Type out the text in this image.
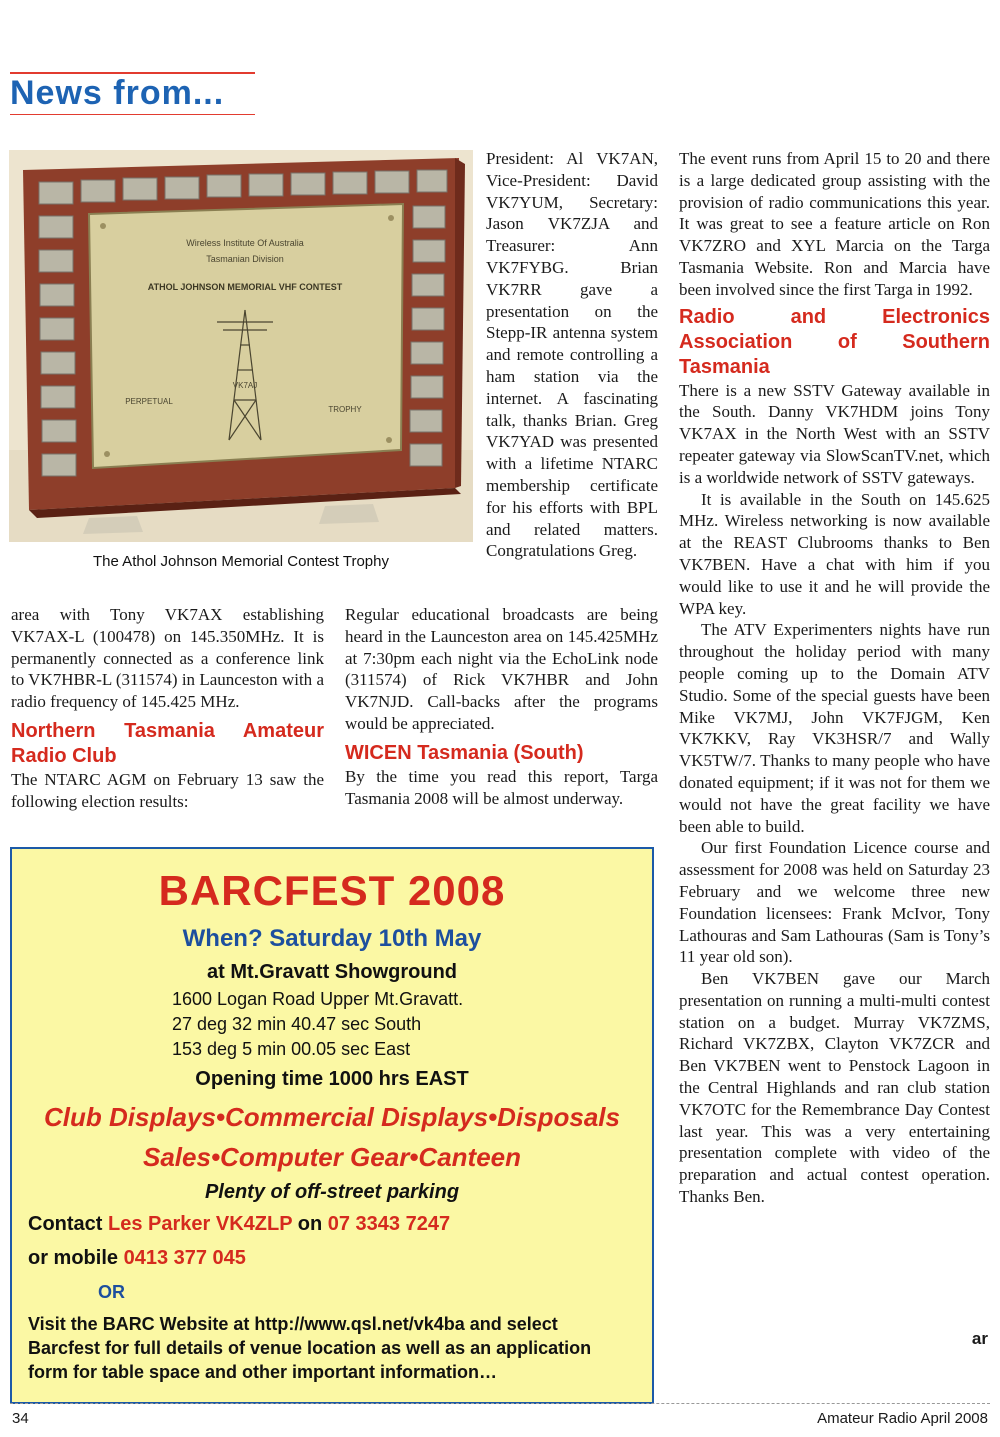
News from...
Wireless Institute Of Australia
Tasmanian Division
ATHOL JOHNSON MEMORIAL VHF CONTEST
VK7AJ
PERPETUAL
TROPHY
The Athol Johnson Memorial Contest Trophy

President: Al VK7AN, Vice-President: David VK7YUM, Secretary: Jason VK7ZJA and Treasurer: Ann VK7FYBG. Brian VK7RR gave a presentation on the Stepp-IR antenna system and remote controlling a ham station via the internet. A fascinating talk, thanks Brian. Greg VK7YAD was presented with a lifetime NTARC membership certificate for his efforts with BPL and related matters. Congratulations Greg.

area with Tony VK7AX establishing VK7AX-L (100478) on 145.350MHz. It is permanently connected as a conference link to VK7HBR-L (311574) in Launceston with a radio frequency of 145.425 MHz.

Northern Tasmania Amateur Radio Club

The NTARC AGM on February 13 saw the following election results:

Regular educational broadcasts are being heard in the Launceston area on 145.425MHz at 7:30pm each night via the EchoLink node (311574) of Rick VK7HBR and John VK7NJD. Call-backs after the programs would be appreciated.

WICEN Tasmania (South)

By the time you read this report, Targa Tasmania 2008 will be almost underway.

The event runs from April 15 to 20 and there is a large dedicated group assisting with the provision of radio communications this year. It was great to see a feature article on Ron VK7ZRO and XYL Marcia on the Targa Tasmania Website. Ron and Marcia have been involved since the first Targa in 1992.

Radio and Electronics Association of Southern Tasmania

There is a new SSTV Gateway available in the South. Danny VK7HDM joins Tony VK7AX in the North West with an SSTV repeater gateway via SlowScanTV.net, which is a worldwide network of SSTV gateways.

It is available in the South on 145.625 MHz. Wireless networking is now available at the REAST Clubrooms thanks to Ben VK7BEN. Have a chat with him if you would like to use it and he will provide the WPA key.

The ATV Experimenters nights have run throughout the holiday period with many people coming up to the Domain ATV Studio. Some of the special guests have been Mike VK7MJ, John VK7FJGM, Ken VK7KKV, Ray VK3HSR/7 and Wally VK5TW/7. Thanks to many people who have donated equipment; if it was not for them we would not have the great facility we have been able to build.

Our first Foundation Licence course and assessment for 2008 was held on Saturday 23 February and we welcome three new Foundation licensees: Frank McIvor, Tony Lathouras and Sam Lathouras (Sam is Tony’s 11 year old son).

Ben VK7BEN gave our March presentation on running a multi-multi contest station on a budget. Murray VK7ZMS, Richard VK7ZBX, Clayton VK7ZCR and Ben VK7BEN went to Penstock Lagoon in the Central Highlands and ran club station VK7OTC for the Remembrance Day Contest last year. This was a very entertaining presentation complete with video of the preparation and actual contest operation. Thanks Ben.

ar
BARCFEST 2008
When? Saturday 10th May
at Mt.Gravatt Showground
1600 Logan Road Upper Mt.Gravatt.
27 deg 32 min 40.47 sec South
153 deg 5 min 00.05 sec East
Opening time 1000 hrs EAST
Club Displays•Commercial Displays•Disposals
Sales•Computer Gear•Canteen
Plenty of off-street parking
Contact Les Parker VK4ZLP on 07 3343 7247
or mobile 0413 377 045
OR
Visit the BARC Website at http://www.qsl.net/vk4ba and select
Barcfest for full details of venue location as well as an application
form for table space and other important information…
34	Amateur Radio April 2008
